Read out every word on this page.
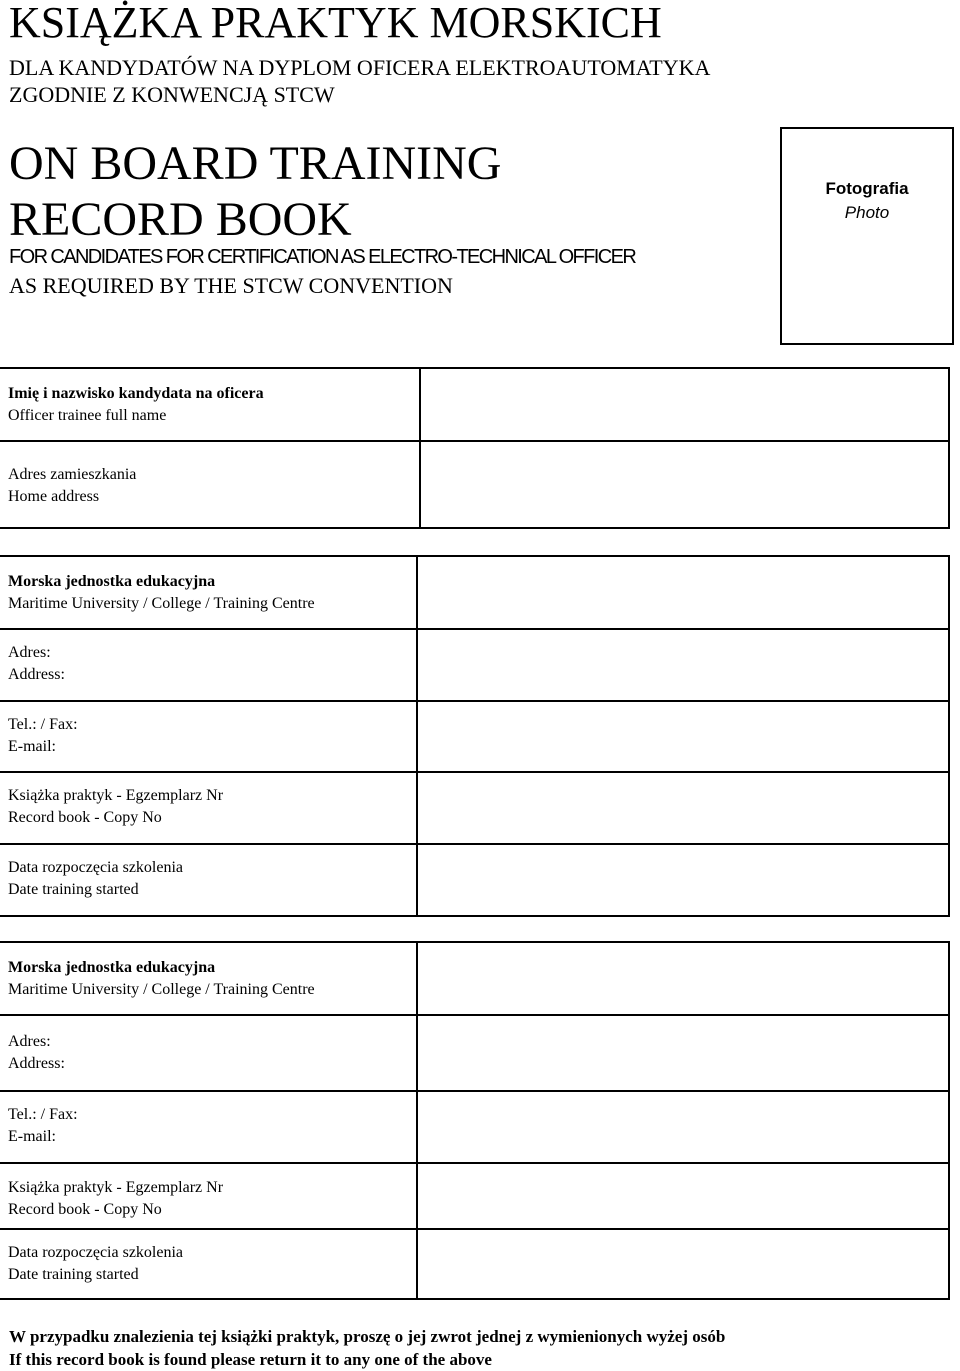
KSIĄŻKA PRAKTYK MORSKICH
DLA KANDYDATÓW NA DYPLOM OFICERA ELEKTROAUTOMATYKA
ZGODNIE Z KONWENCJĄ STCW
ON BOARD TRAINING
RECORD BOOK
FOR CANDIDATES FOR CERTIFICATION AS ELECTRO-TECHNICAL OFFICER
AS REQUIRED BY THE STCW CONVENTION
Fotografia
Photo
Imię i nazwisko kandydata na oficera
Officer trainee full name	

Adres zamieszkania
Home address	

Morska jednostka edukacyjna
Maritime University / College / Training Centre	

Adres:
Address:	

Tel.: / Fax:
E-mail:	

Książka praktyk - Egzemplarz Nr
Record book - Copy No	

Data rozpoczęcia szkolenia
Date training started	

Morska jednostka edukacyjna
Maritime University / College / Training Centre	

Adres:
Address:	

Tel.: / Fax:
E-mail:	

Książka praktyk - Egzemplarz Nr
Record book - Copy No	

Data rozpoczęcia szkolenia
Date training started	

W przypadku znalezienia tej książki praktyk, proszę o jej zwrot jednej z wymienionych wyżej osób
If this record book is found please return it to any one of the above
